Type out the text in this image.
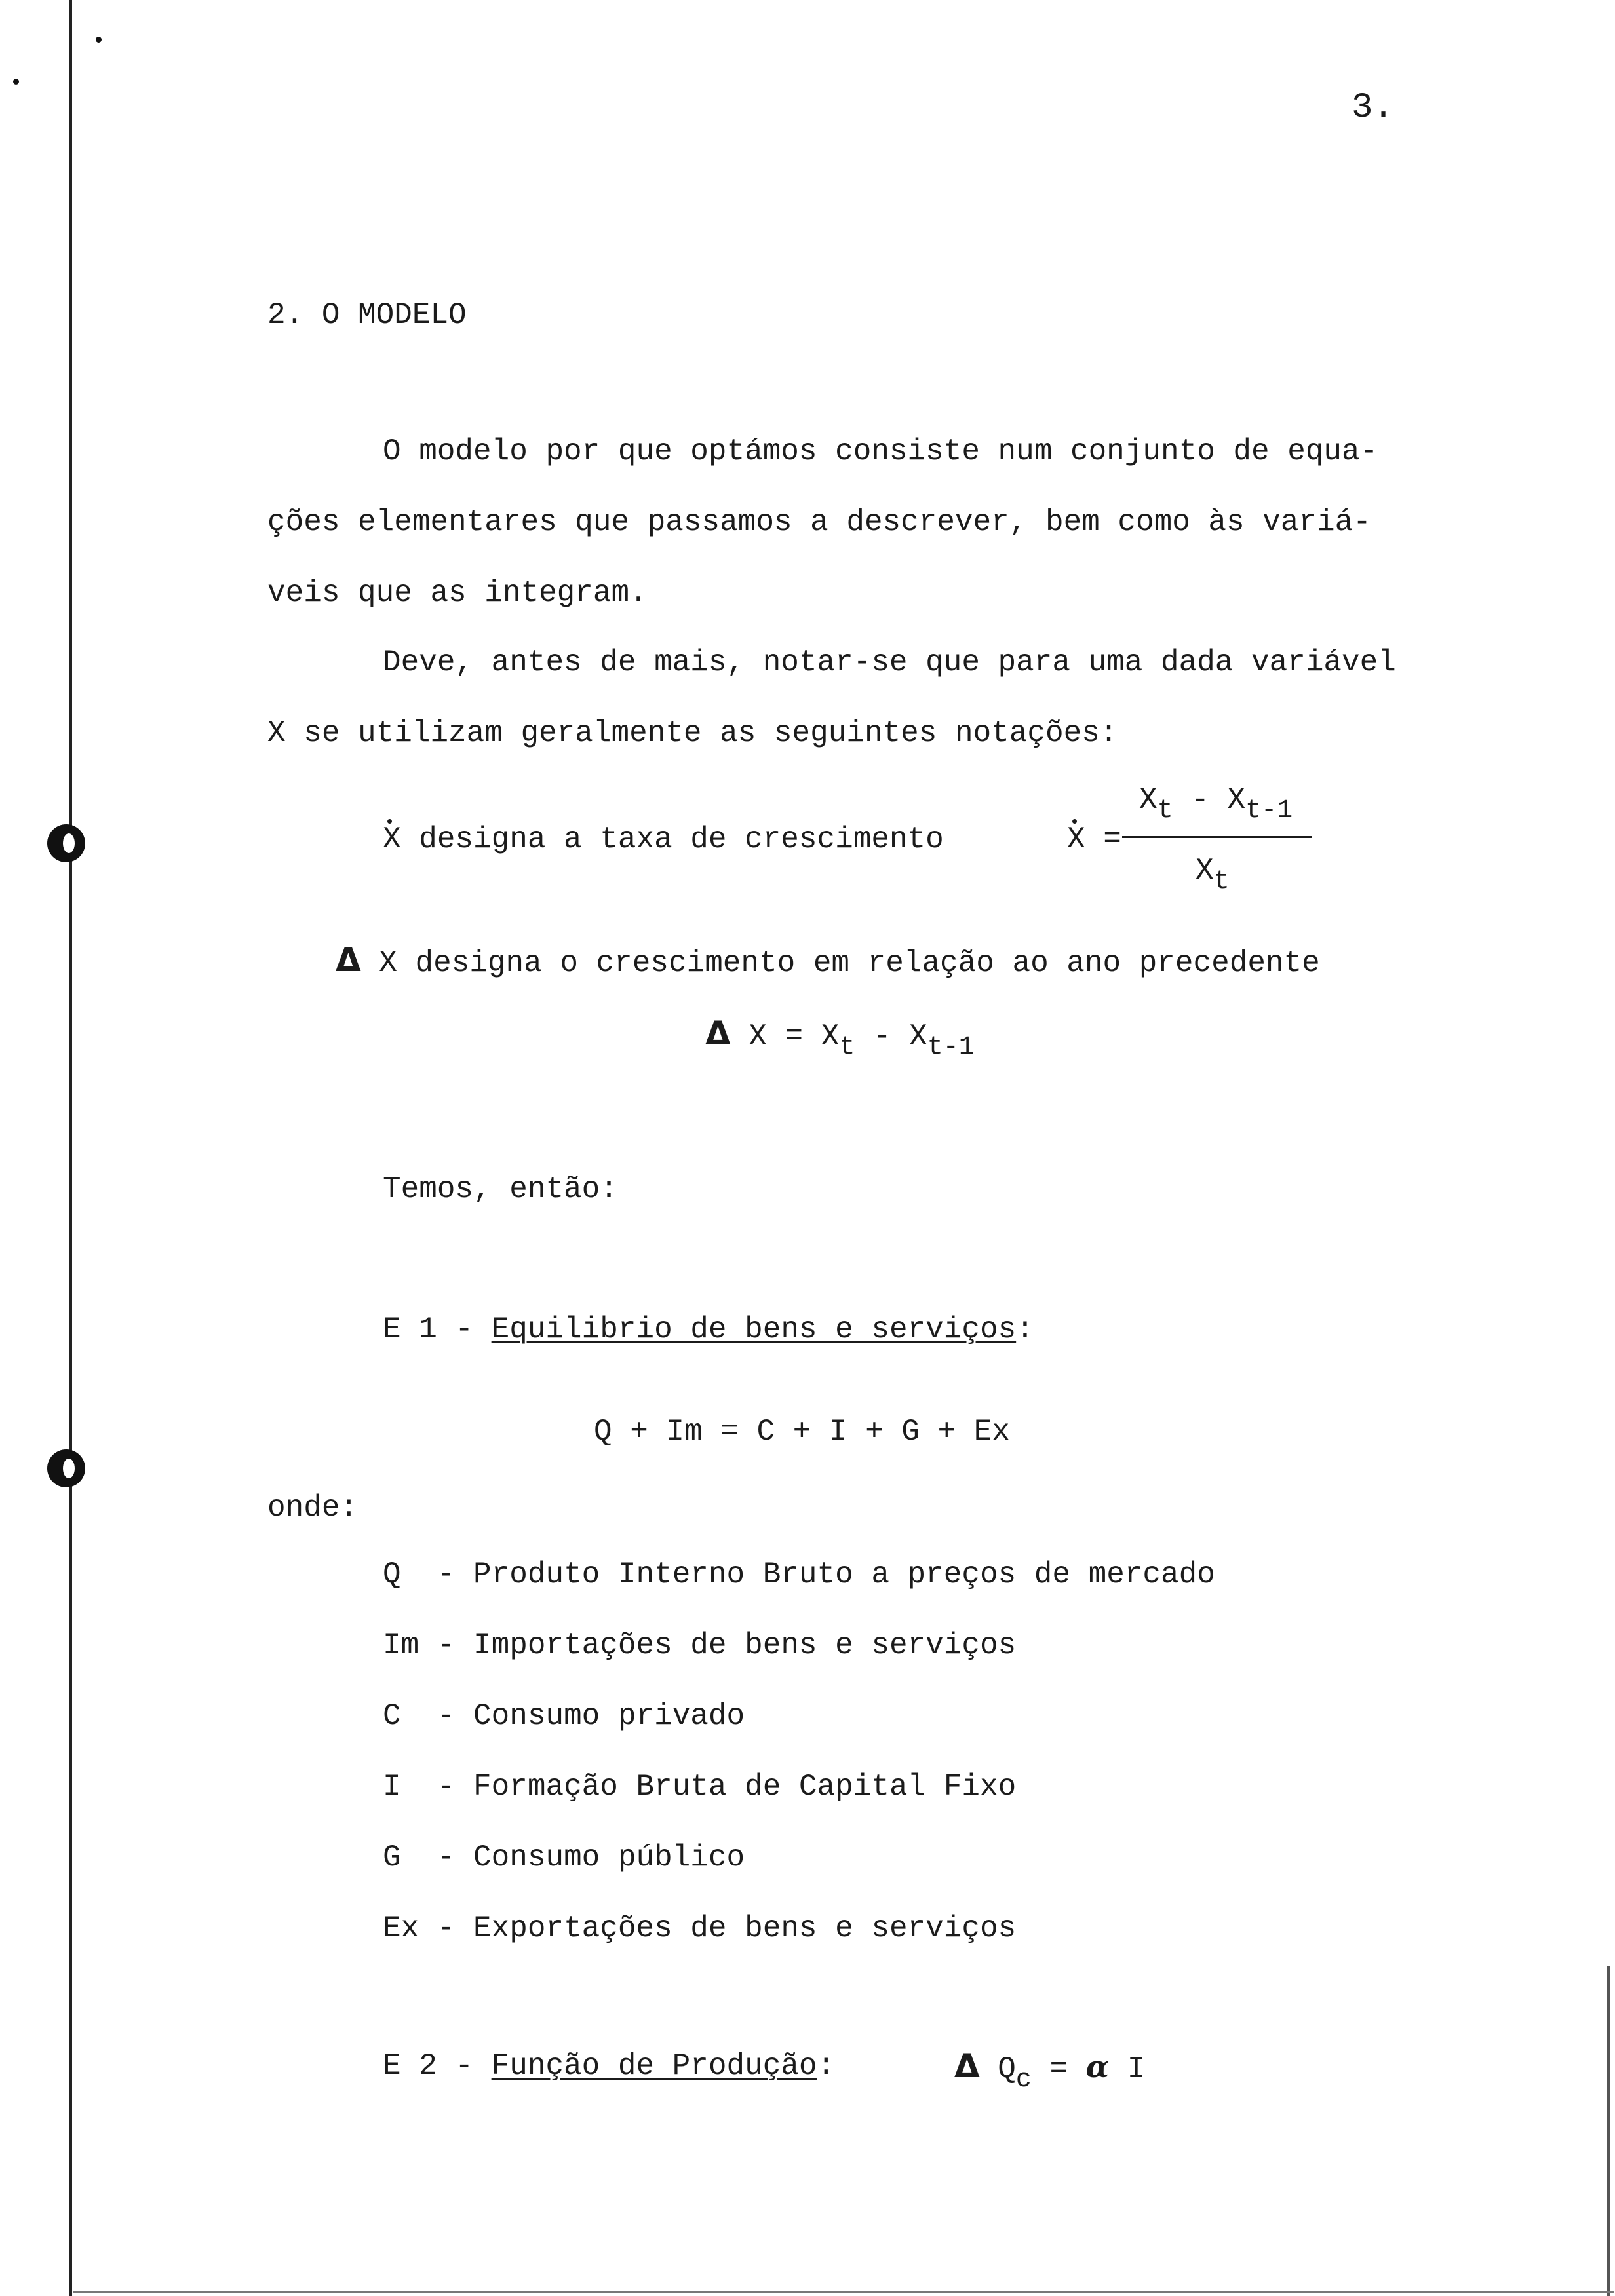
3.
2. O MODELO
O modelo por que optámos consiste num conjunto de equa-
ções elementares que passamos a descrever, bem como às variá-
veis que as integram.
Deve, antes de mais, notar-se que para uma dada variável
X se utilizam geralmente as seguintes notações:
X designa a taxa de crescimento	X =
Xt - Xt-1
Xt
Δ X designa o crescimento em relação ao ano precedente
Δ X = Xt - Xt-1
Temos, então:
E 1 - Equilibrio de bens e serviços:
Q + Im = C + I + G + Ex
onde:
Q  - Produto Interno Bruto a preços de mercado
Im - Importações de bens e serviços
C  - Consumo privado
I  - Formação Bruta de Capital Fixo
G  - Consumo público
Ex - Exportações de bens e serviços
E 2 - Função de Produção:	Δ Qc = α I
